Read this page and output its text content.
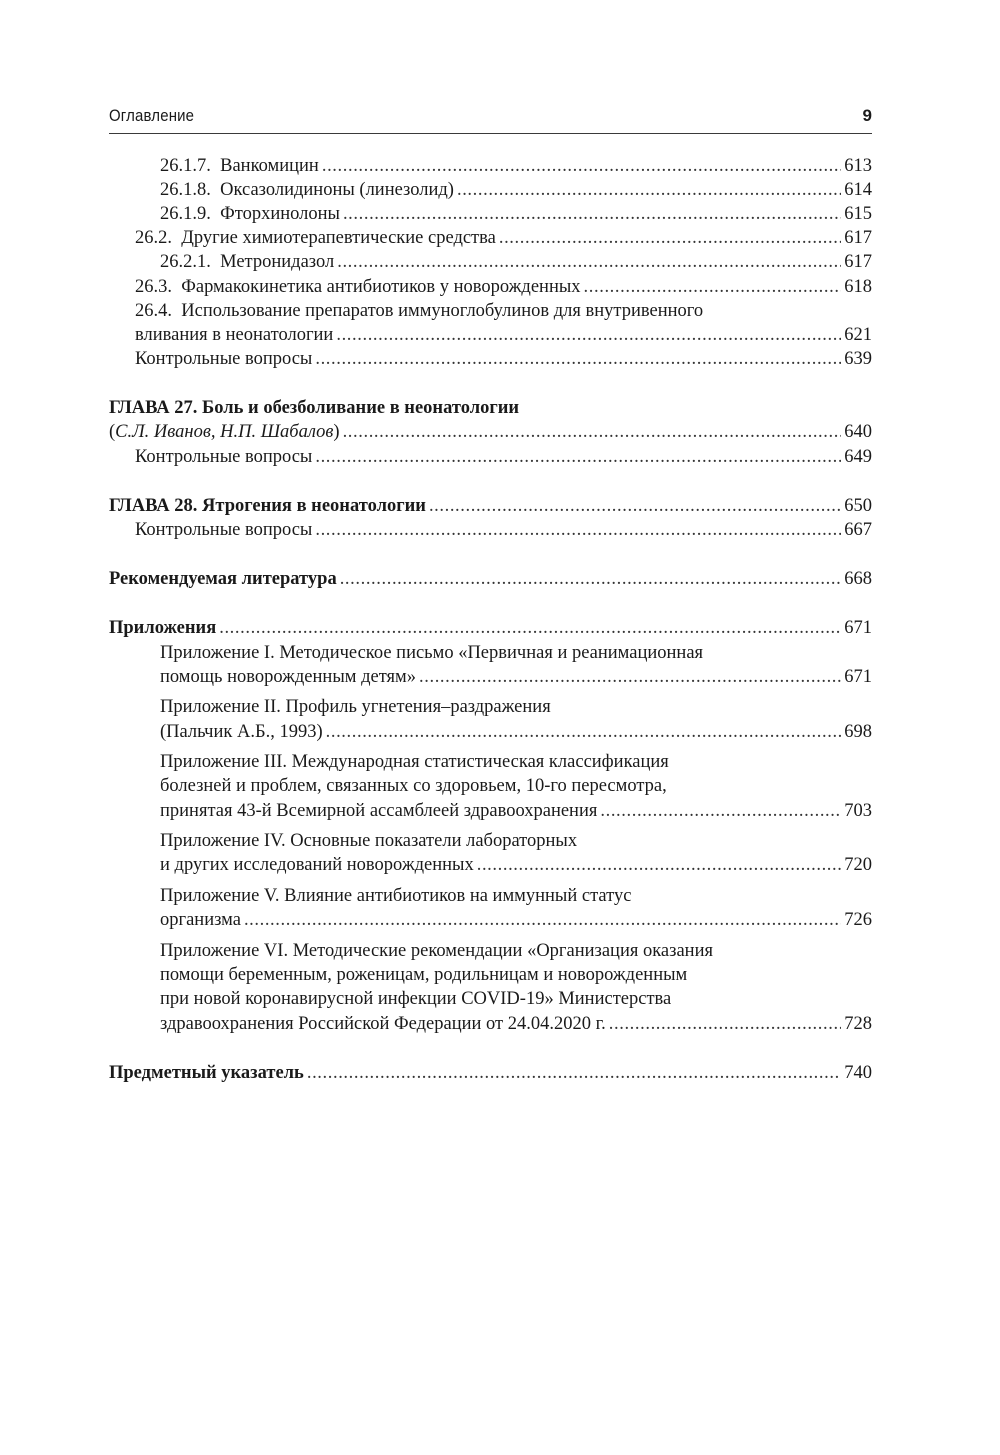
Оглавление	9
26.1.7. Ванкомицин .....	613
26.1.8. Оксазолидиноны (линезолид) .....	614
26.1.9. Фторхинолоны .....	615
26.2. Другие химиотерапевтические средства .....	617
26.2.1. Метронидазол .....	617
26.3. Фармакокинетика антибиотиков у новорожденных .....	618
26.4. Использование препаратов иммуноглобулинов для внутривенного
вливания в неонатологии .....	621
Контрольные вопросы .....	639
ГЛАВА 27. Боль и обезболивание в неонатологии
(С.Л. Иванов, Н.П. Шабалов) .....	640
Контрольные вопросы .....	649
ГЛАВА 28. Ятрогения в неонатологии .....	650
Контрольные вопросы .....	667
Рекомендуемая литература .....	668
Приложения .....	671
Приложение I. Методическое письмо «Первичная и реанимационная
помощь новорожденным детям» .....	671
Приложение II. Профиль угнетения–раздражения
(Пальчик А.Б., 1993) .....	698
Приложение III. Международная статистическая классификация
болезней и проблем, связанных со здоровьем, 10-го пересмотра,
принятая 43-й Всемирной ассамблеей здравоохранения .....	703
Приложение IV. Основные показатели лабораторных
и других исследований новорожденных .....	720
Приложение V. Влияние антибиотиков на иммунный статус
организма .....	726
Приложение VI. Методические рекомендации «Организация оказания
помощи беременным, роженицам, родильницам и новорожденным
при новой коронавирусной инфекции COVID-19» Министерства
здравоохранения Российской Федерации от 24.04.2020 г. .....	728
Предметный указатель .....	740
